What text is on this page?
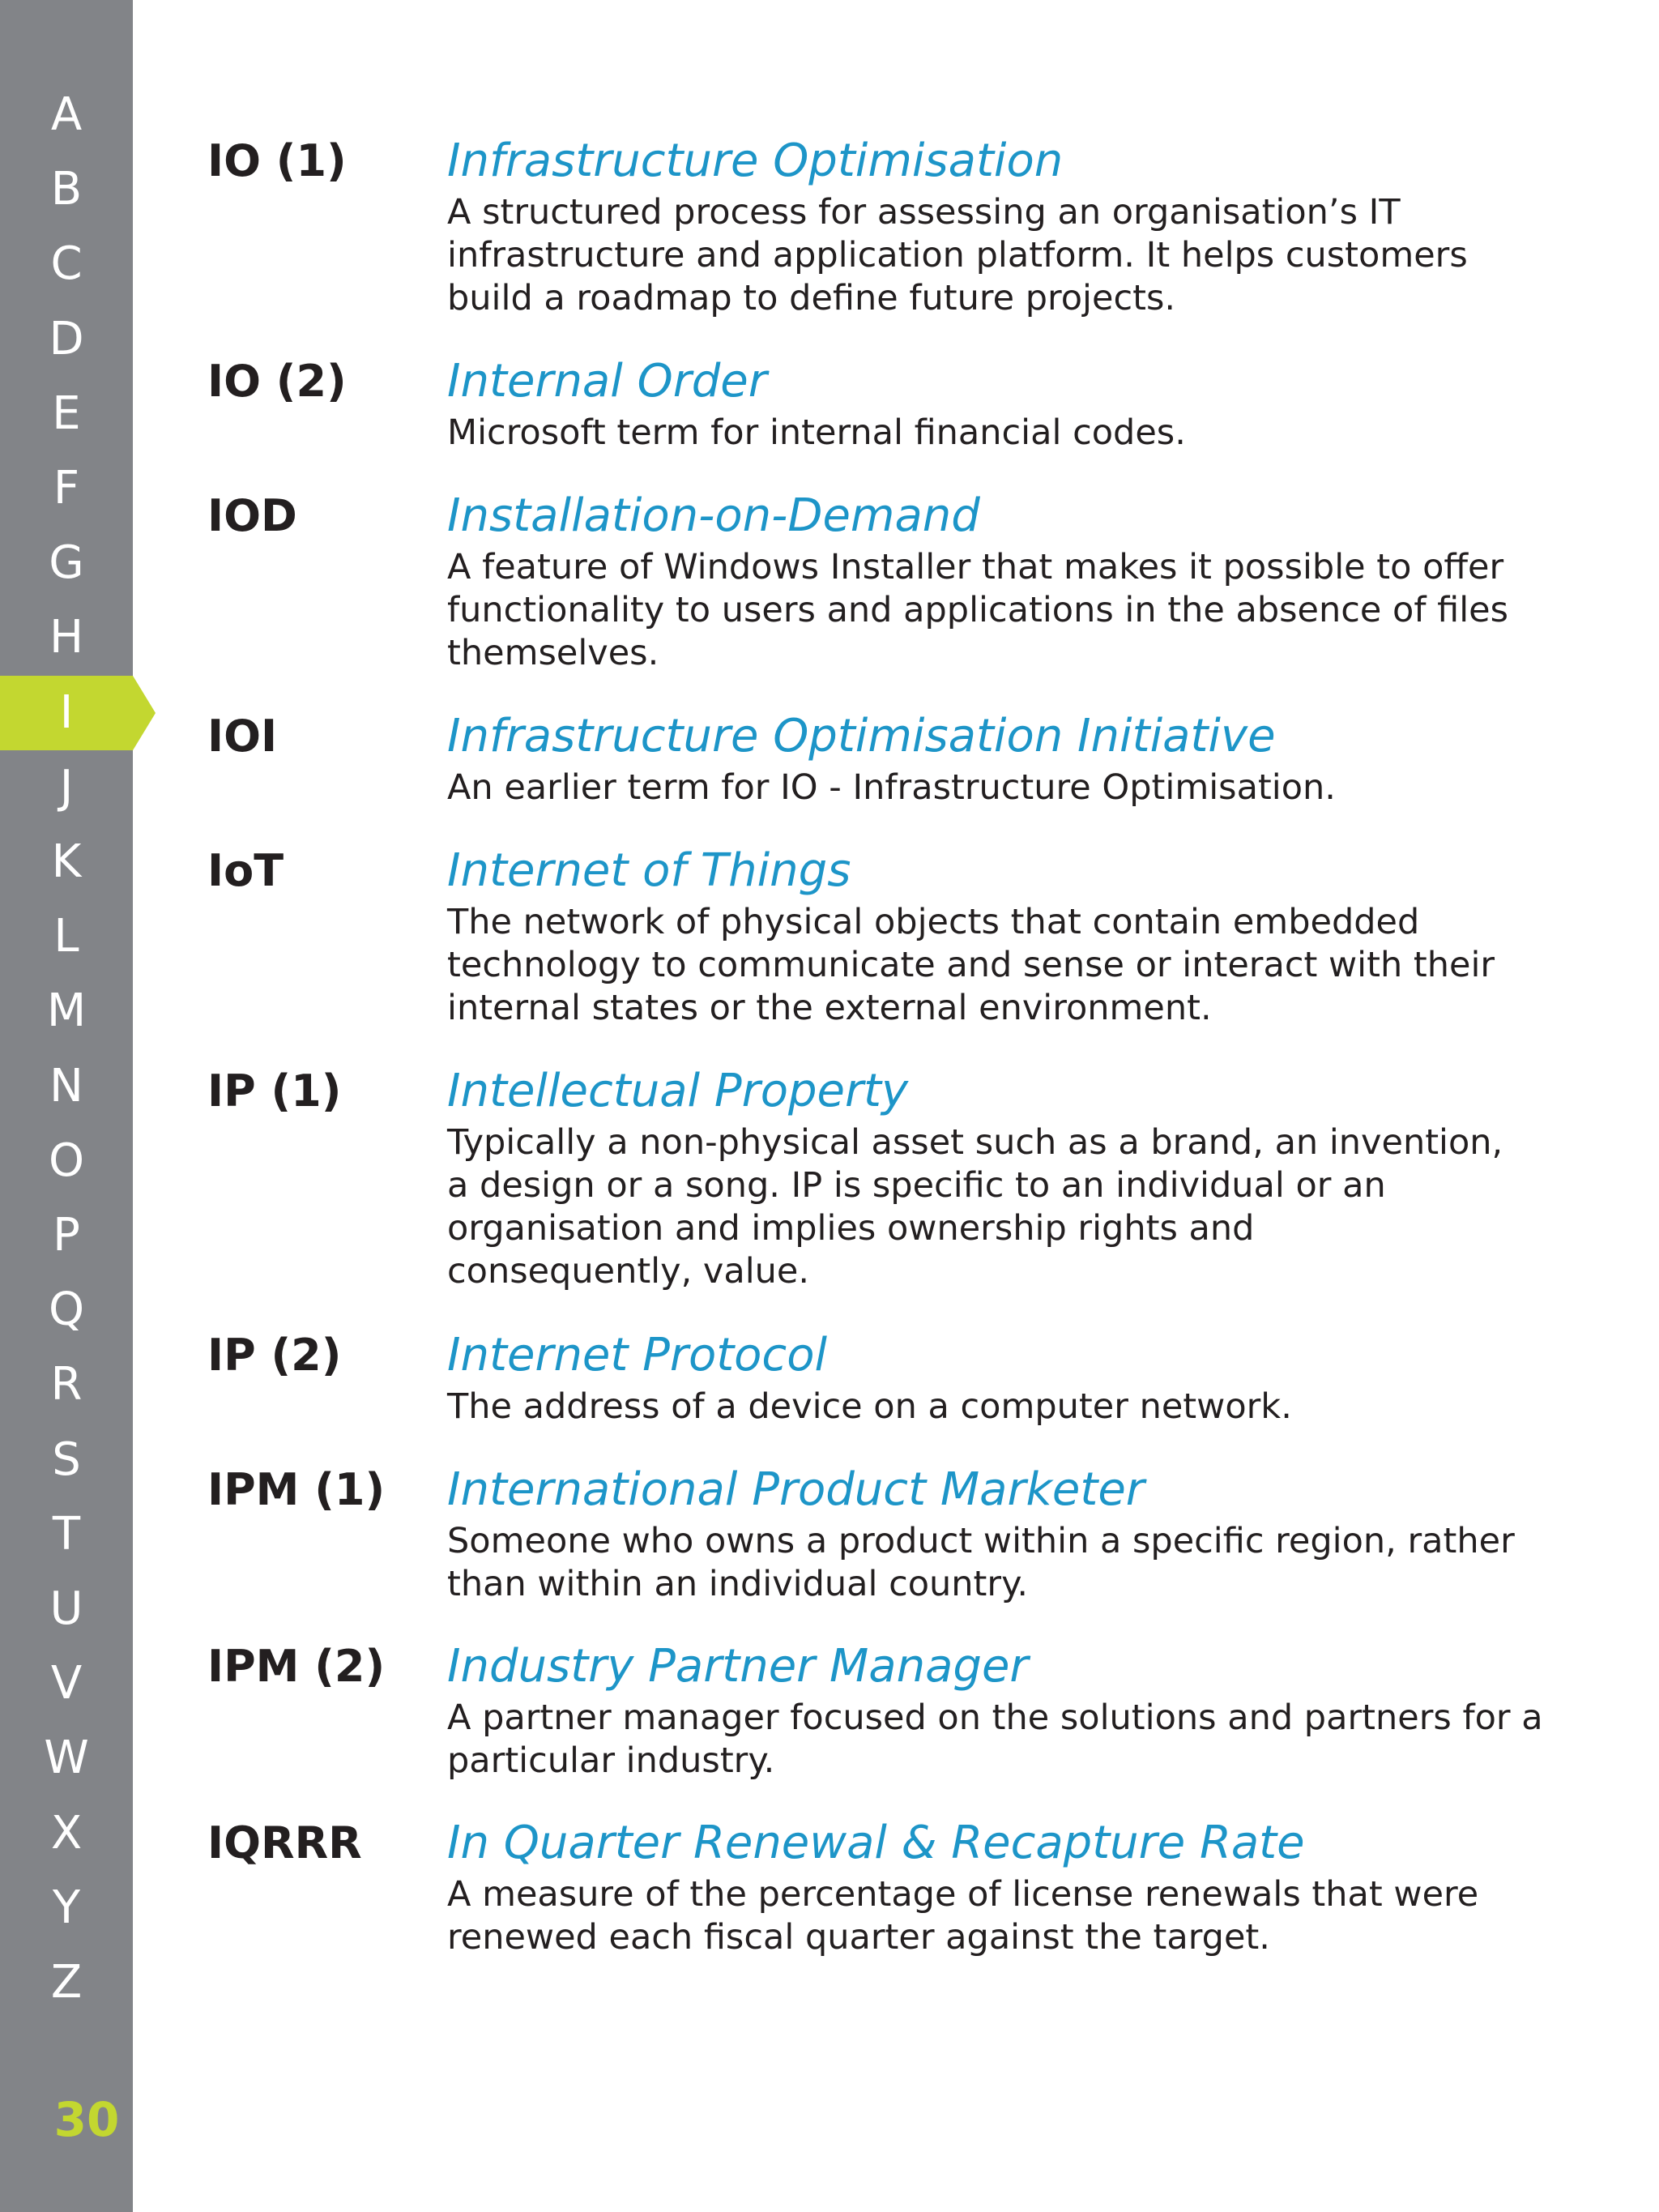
A
B
C
D
E
F
G
H
I
J
K
L
M
N
O
P
Q
R
S
T
U
V
W
X
Y
Z
30
IO (1)	Infrastructure Optimisation
A structured process for assessing an organisation’s IT
infrastructure and application platform. It helps customers
build a roadmap to define future projects.
IO (2)	Internal Order
Microsoft term for internal financial codes.
IOD	Installation-on-Demand
A feature of Windows Installer that makes it possible to offer
functionality to users and applications in the absence of files
themselves.
IOI	Infrastructure Optimisation Initiative
An earlier term for IO - Infrastructure Optimisation.
IoT	Internet of Things
The network of physical objects that contain embedded
technology to communicate and sense or interact with their
internal states or the external environment.
IP (1)	Intellectual Property
Typically a non-physical asset such as a brand, an invention,
a design or a song. IP is specific to an individual or an
organisation and implies ownership rights and
consequently, value.
IP (2)	Internet Protocol
The address of a device on a computer network.
IPM (1)	International Product Marketer
Someone who owns a product within a specific region, rather
than within an individual country.
IPM (2)	Industry Partner Manager
A partner manager focused on the solutions and partners for a
particular industry.
IQRRR	In Quarter Renewal & Recapture Rate
A measure of the percentage of license renewals that were
renewed each fiscal quarter against the target.
